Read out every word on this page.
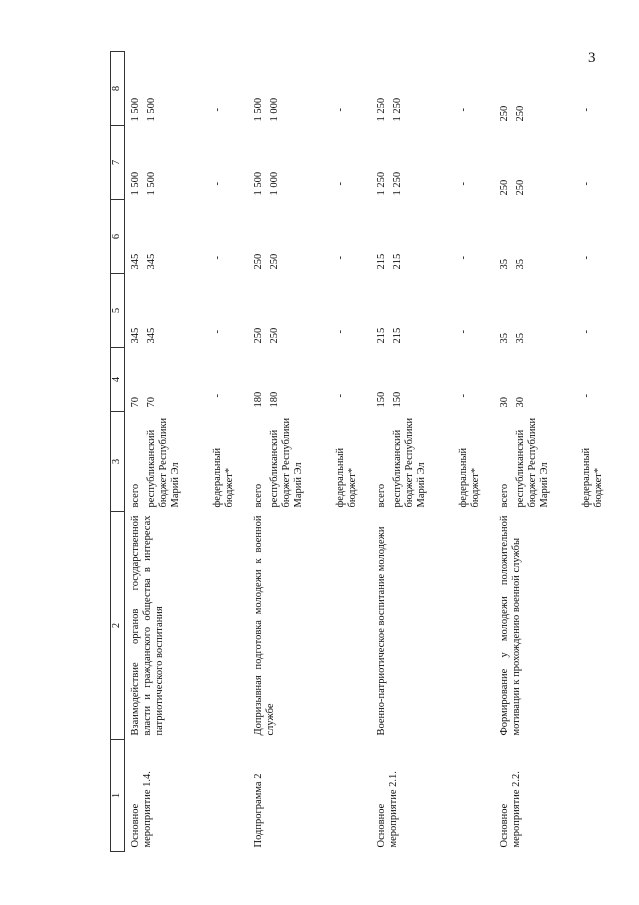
3
1	2	3	4	5	6	7	8
Основное мероприятие 1.4.	Взаимодействие органов государственной власти и гражданского общества в интересах патриотического воспитания	всего	70	345	345	1 500	1 500
		республиканский бюджет Республики Марий Эл	70	345	345	1 500	1 500
		федеральный бюджет*	-	-	-	-	-
Подпрограмма 2	Допризывная подготовка молодежи к военной службе	всего	180	250	250	1 500	1 500
		республиканский бюджет Республики Марий Эл	180	250	250	1 000	1 000
		федеральный бюджет*	-	-	-	-	-
Основное мероприятие 2.1.	Военно-патриотическое воспитание молодежи	всего	150	215	215	1 250	1 250
		республиканский бюджет Республики Марий Эл	150	215	215	1 250	1 250
		федеральный бюджет*	-	-	-	-	-
Основное мероприятие 2.2.	Формирование у молодежи положительной мотивации к прохождению военной службы	всего	30	35	35	250	250
		республиканский бюджет Республики Марий Эл	30	35	35	250	250
		федеральный бюджет*	-	-	-	-	-
